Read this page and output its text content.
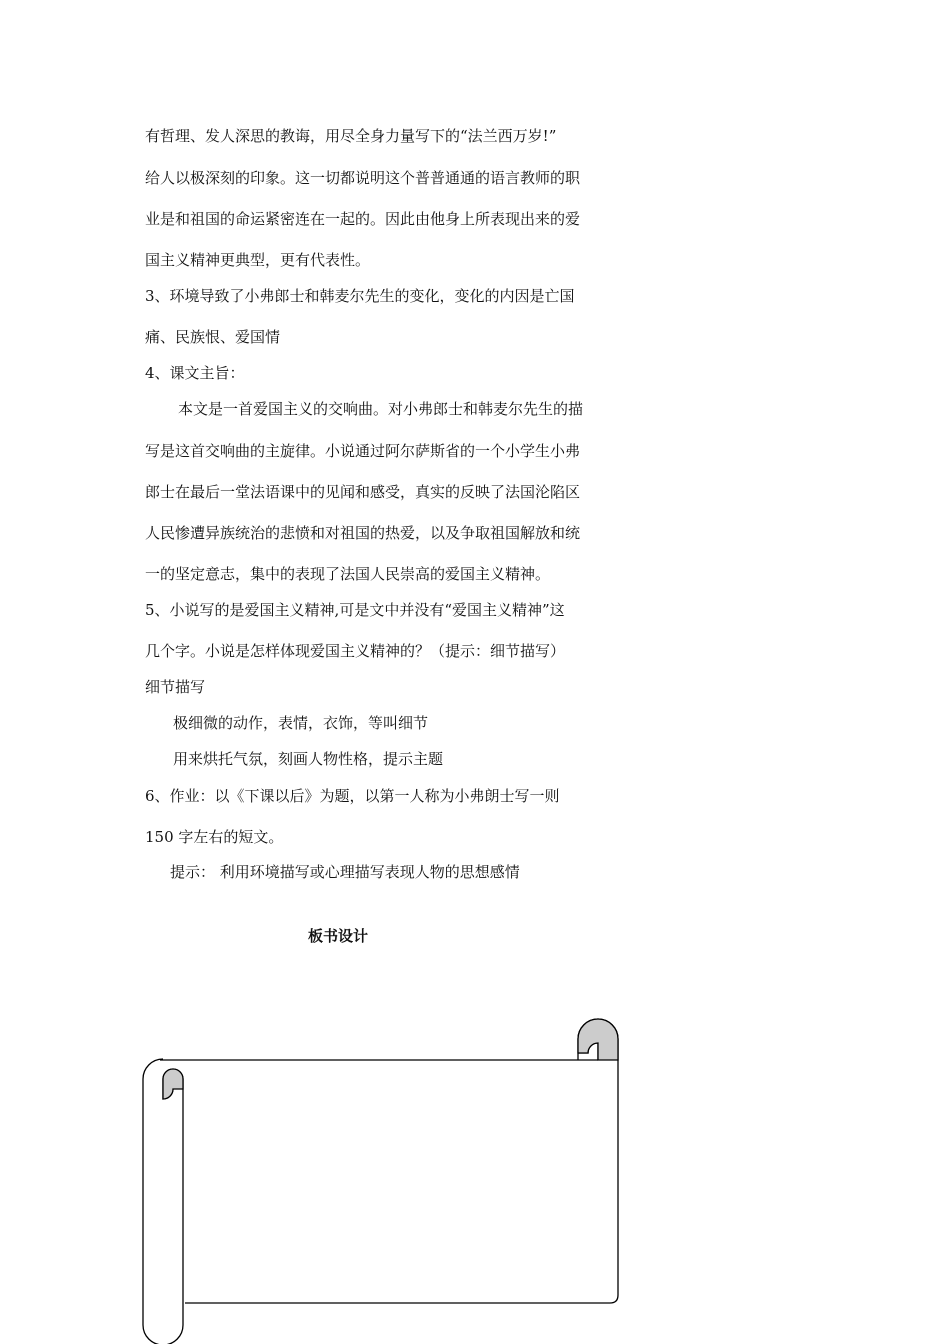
有哲理、发人深思的教诲，用尽全身力量写下的“法兰西万岁!”
给人以极深刻的印象。这一切都说明这个普普通通的语言教师的职
业是和祖国的命运紧密连在一起的。因此由他身上所表现出来的爱
国主义精神更典型，更有代表性。
3、环境导致了小弗郎士和韩麦尔先生的变化，变化的内因是亡国
痛、民族恨、爱国情
4、课文主旨：
本文是一首爱国主义的交响曲。对小弗郎士和韩麦尔先生的描
写是这首交响曲的主旋律。小说通过阿尔萨斯省的一个小学生小弗
郎士在最后一堂法语课中的见闻和感受，真实的反映了法国沦陷区
人民惨遭异族统治的悲愤和对祖国的热爱，以及争取祖国解放和统
一的坚定意志，集中的表现了法国人民崇高的爱国主义精神。
5、小说写的是爱国主义精神,可是文中并没有“爱国主义精神”这
几个字。小说是怎样体现爱国主义精神的？（提示：细节描写）
细节描写
极细微的动作，表情，衣饰，等叫细节
用来烘托气氛，刻画人物性格，提示主题
6、作业：以《下课以后》为题，以第一人称为小弗朗士写一则
150 字左右的短文。
提示： 利用环境描写或心理描写表现人物的思想感情
板书设计
